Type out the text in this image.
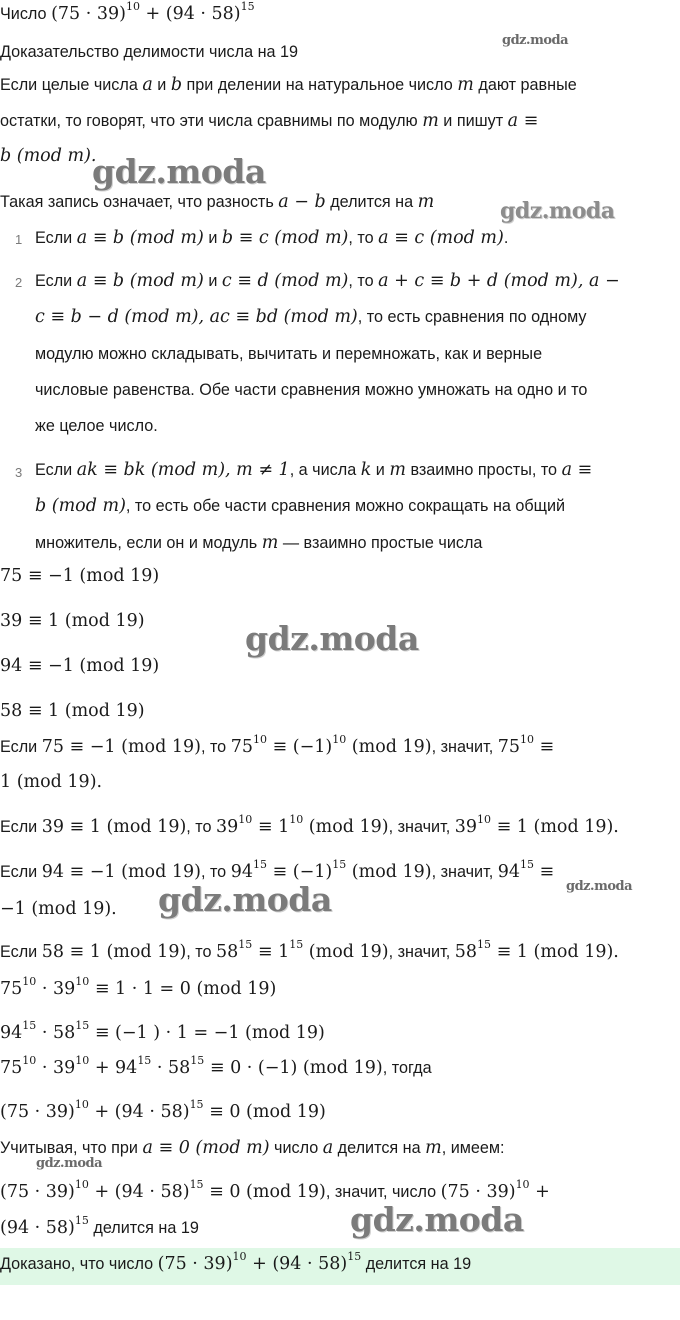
Число $(75 \cdot 39)^{10} + (94 \cdot 58)^{15}$
Доказательство делимости числа на 19
Если целые числа a и b при делении на натуральное число m дают равные
остатки, то говорят, что эти числа сравнимы по модулю m и пишут a ≡
b (mod m).
Такая запись означает, что разность a − b делится на m
1 Если a ≡ b (mod m) и b ≡ c (mod m), то a ≡ c (mod m).
2 Если a ≡ b (mod m) и c ≡ d (mod m), то a + c ≡ b + d (mod m), a −
c ≡ b − d (mod m), ac ≡ bd (mod m), то есть сравнения по одному
модулю можно складывать, вычитать и перемножать, как и верные
числовые равенства. Обе части сравнения можно умножать на одно и то
же целое число.
3 Если ak ≡ bk (mod m), m ≠ 1, а числа k и m взаимно просты, то a ≡
b (mod m), то есть обе части сравнения можно сокращать на общий
множитель, если он и модуль m — взаимно простые числа
75 ≡ −1 (mod 19)
39 ≡ 1 (mod 19)
94 ≡ −1 (mod 19)
58 ≡ 1 (mod 19)
Если 75 ≡ −1 (mod 19), то $75^{10} \equiv (-1)^{10}$ (mod 19), значит, $75^{10}$ ≡
1 (mod 19).
Если 39 ≡ 1 (mod 19), то $39^{10} \equiv 1^{10}$ (mod 19), значит, $39^{10} \equiv 1$ (mod 19).
Если 94 ≡ −1 (mod 19), то $94^{15} \equiv (-1)^{15}$ (mod 19), значит, $94^{15}$ ≡
−1 (mod 19).
Если 58 ≡ 1 (mod 19), то $58^{15} \equiv 1^{15}$ (mod 19), значит, $58^{15} \equiv 1$ (mod 19).
$75^{10} \cdot 39^{10} \equiv 1 \cdot 1 = 0$ (mod 19)
$94^{15} \cdot 58^{15} \equiv (-1$ ) · 1 = −1 (mod 19)
$75^{10} \cdot 39^{10} + 94^{15} \cdot 58^{15} \equiv 0 \cdot (-1)$ (mod 19), тогда
$(75 \cdot 39)^{10} + (94 \cdot 58)^{15} \equiv 0$ (mod 19)
Учитывая, что при a ≡ 0 (mod m) число a делится на m, имеем:
$(75 \cdot 39)^{10} + (94 \cdot 58)^{15} \equiv 0$ (mod 19), значит, число $(75 \cdot 39)^{10}$ +
$(94 \cdot 58)^{15}$ делится на 19
Доказано, что число $(75 \cdot 39)^{10} + (94 \cdot 58)^{15}$ делится на 19
gdz.moda
gdz.moda
gdz.moda
gdz.moda
gdz.moda
gdz.moda
gdz.moda
gdz.moda
